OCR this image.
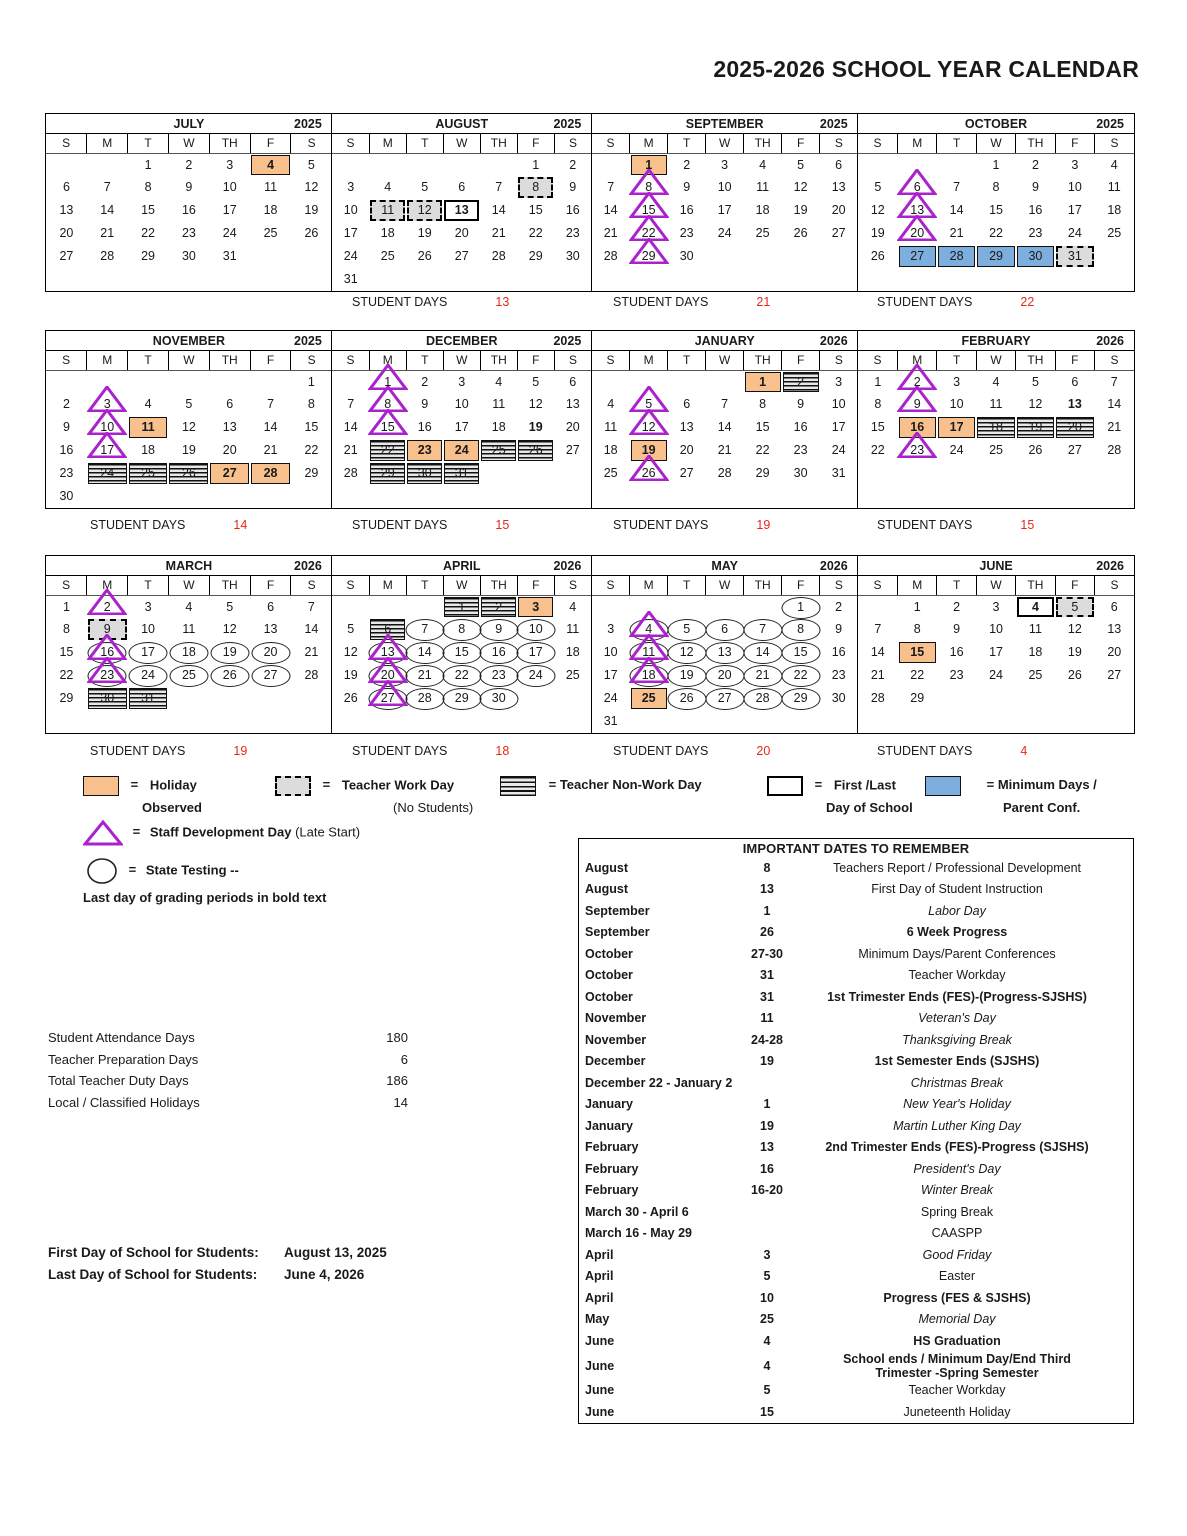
2025-2026 SCHOOL YEAR CALENDAR
JULY	2025
S	M	T	W	TH	F	S

		1	2	3	4	5

6	7	8	9	10	11	12

13	14	15	16	17	18	19

20	21	22	23	24	25	26

27	28	29	30	31		

AUGUST	2025
S	M	T	W	TH	F	S

					1	2

3	4	5	6	7	8	9

10	11	12	13	14	15	16

17	18	19	20	21	22	23

24	25	26	27	28	29	30

31						

SEPTEMBER	2025
S	M	T	W	TH	F	S

	1	2	3	4	5	6

7	8	9	10	11	12	13

14	15	16	17	18	19	20

21	22	23	24	25	26	27

28	29	30				

OCTOBER	2025
S	M	T	W	TH	F	S

			1	2	3	4

5	6	7	8	9	10	11

12	13	14	15	16	17	18

19	20	21	22	23	24	25

26	27	28	29	30	31	

NOVEMBER	2025
S	M	T	W	TH	F	S

						1

2	3	4	5	6	7	8

9	10	11	12	13	14	15

16	17	18	19	20	21	22

23	24	25	26	27	28	29

30						

DECEMBER	2025
S	M	T	W	TH	F	S

	1	2	3	4	5	6

7	8	9	10	11	12	13

14	15	16	17	18	19	20

21	22	23	24	25	26	27

28	29	30	31			

JANUARY	2026
S	M	T	W	TH	F	S

				1	2	3

4	5	6	7	8	9	10

11	12	13	14	15	16	17

18	19	20	21	22	23	24

25	26	27	28	29	30	31

FEBRUARY	2026
S	M	T	W	TH	F	S

1	2	3	4	5	6	7

8	9	10	11	12	13	14

15	16	17	18	19	20	21

22	23	24	25	26	27	28

MARCH	2026
S	M	T	W	TH	F	S

1	2	3	4	5	6	7

8	9	10	11	12	13	14

15	16	17	18	19	20	21

22	23	24	25	26	27	28

29	30	31				

APRIL	2026
S	M	T	W	TH	F	S

			1	2	3	4

5	6	7	8	9	10	11

12	13	14	15	16	17	18

19	20	21	22	23	24	25

26	27	28	29	30		

MAY	2026
S	M	T	W	TH	F	S

					1	2

3	4	5	6	7	8	9

10	11	12	13	14	15	16

17	18	19	20	21	22	23

24	25	26	27	28	29	30

31						

JUNE	2026
S	M	T	W	TH	F	S

	1	2	3	4	5	6

7	8	9	10	11	12	13

14	15	16	17	18	19	20

21	22	23	24	25	26	27

28	29					

STUDENT DAYS	13	STUDENT DAYS	21	STUDENT DAYS	22
STUDENT DAYS	14	STUDENT DAYS	15	STUDENT DAYS	19	STUDENT DAYS	15
STUDENT DAYS	19	STUDENT DAYS	18	STUDENT DAYS	20	STUDENT DAYS	4
= Holiday
Observed
= Teacher Work Day
(No Students)
= Teacher Non-Work Day	= First /Last
Day of School
= Minimum Days /
Parent Conf.
= Staff Development Day (Late Start)
= State Testing --
Last day of grading periods in bold text
Student Attendance Days	180
Teacher Preparation Days	6
Total Teacher Duty Days	186
Local / Classified Holidays	14
First Day of School for Students: August 13, 2025
Last Day of School for Students: June 4, 2026
IMPORTANT DATES TO REMEMBER
August	8	Teachers Report / Professional Development
August	13	First Day of Student Instruction
September	1	Labor Day
September	26	6 Week Progress
October	27-30	Minimum Days/Parent Conferences
October	31	Teacher Workday
October	31	1st Trimester Ends (FES)-(Progress-SJSHS)
November	11	Veteran's Day
November	24-28	Thanksgiving Break
December	19	1st Semester Ends (SJSHS)
December 22 - January 2	Christmas Break
January	1	New Year's Holiday
January	19	Martin Luther King Day
February	13	2nd Trimester Ends (FES)-Progress (SJSHS)
February	16	President's Day
February	16-20	Winter Break
March 30 - April 6	Spring Break
March 16 - May 29	CAASPP
April	3	Good Friday
April	5	Easter
April	10	Progress (FES & SJSHS)
May	25	Memorial Day
June	4	HS Graduation
June	4	School ends / Minimum Day/End Third Trimester -Spring Semester
June	5	Teacher Workday
June	15	Juneteenth Holiday
